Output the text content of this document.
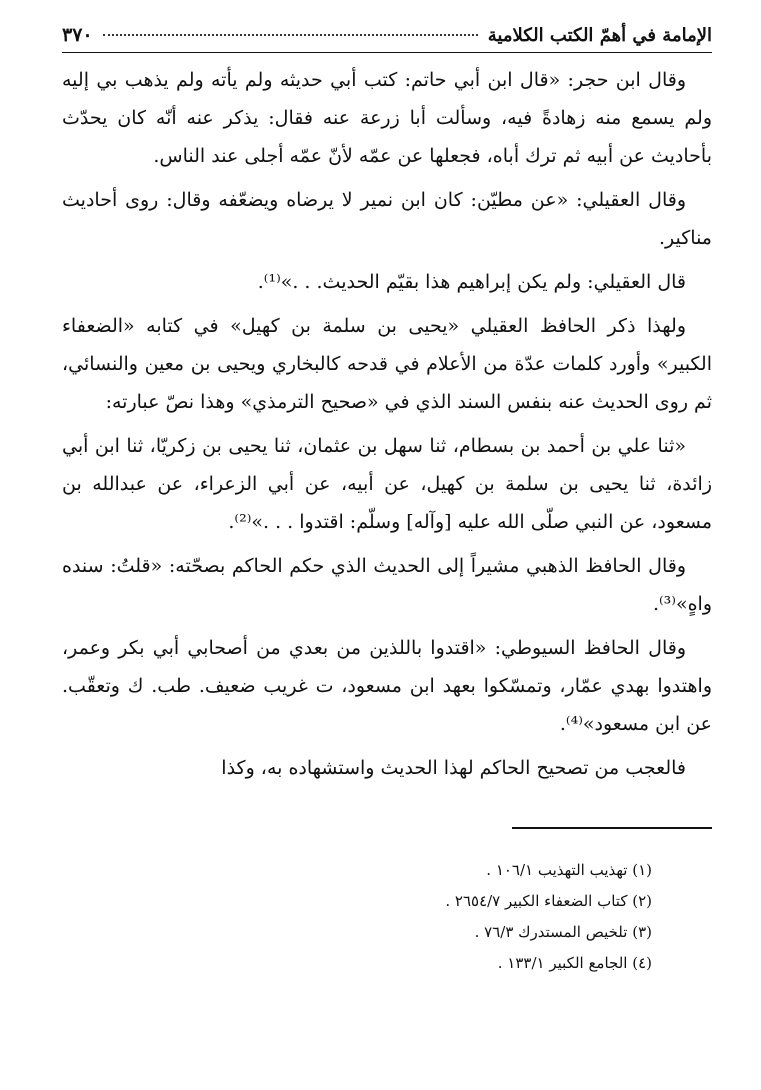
الإمامة في أهمّ الكتب الكلامية
٣٧٠

وقال ابن حجر: «قال ابن أبي حاتم: كتب أبي حديثه ولم يأته ولم يذهب بي إليه ولم يسمع منه زهادةً فيه، وسألت أبا زرعة عنه فقال: يذكر عنه أنّه كان يحدّث بأحاديث عن أبيه ثم ترك أباه، فجعلها عن عمّه لأنّ عمّه أجلى عند الناس.

وقال العقيلي: «عن مطيّن: كان ابن نمير لا يرضاه ويضعّفه وقال: روى أحاديث مناكير.

قال العقيلي: ولم يكن إبراهيم هذا بقيّم الحديث. . .»⁽¹⁾.

ولهذا ذكر الحافظ العقيلي «يحيى بن سلمة بن كهيل» في كتابه «الضعفاء الكبير» وأورد كلمات عدّة من الأعلام في قدحه كالبخاري ويحيى بن معين والنسائي، ثم روى الحديث عنه بنفس السند الذي في «صحيح الترمذي» وهذا نصّ عبارته:

«ثنا علي بن أحمد بن بسطام، ثنا سهل بن عثمان، ثنا يحيى بن زكريّا، ثنا ابن أبي زائدة، ثنا يحيى بن سلمة بن كهيل، عن أبيه، عن أبي الزعراء، عن عبدالله بن مسعود، عن النبي صلّى الله عليه [وآله] وسلّم: اقتدوا . . .»⁽²⁾.

وقال الحافظ الذهبي مشيراً إلى الحديث الذي حكم الحاكم بصحّته: «قلتُ: سنده واهٍ»⁽³⁾.

وقال الحافظ السيوطي: «اقتدوا باللذين من بعدي من أصحابي أبي بكر وعمر، واهتدوا بهدي عمّار، وتمسّكوا بعهد ابن مسعود، ت غريب ضعيف. طب. ك وتعقّب. عن ابن مسعود»⁽⁴⁾.

فالعجب من تصحيح الحاكم لهذا الحديث واستشهاده به، وكذا

(١) تهذيب التهذيب ١٠٦/١ .
(٢) كتاب الضعفاء الكبير ٢٦٥٤/٧ .
(٣) تلخيص المستدرك ٧٦/٣ .
(٤) الجامع الكبير ١٣٣/١ .
